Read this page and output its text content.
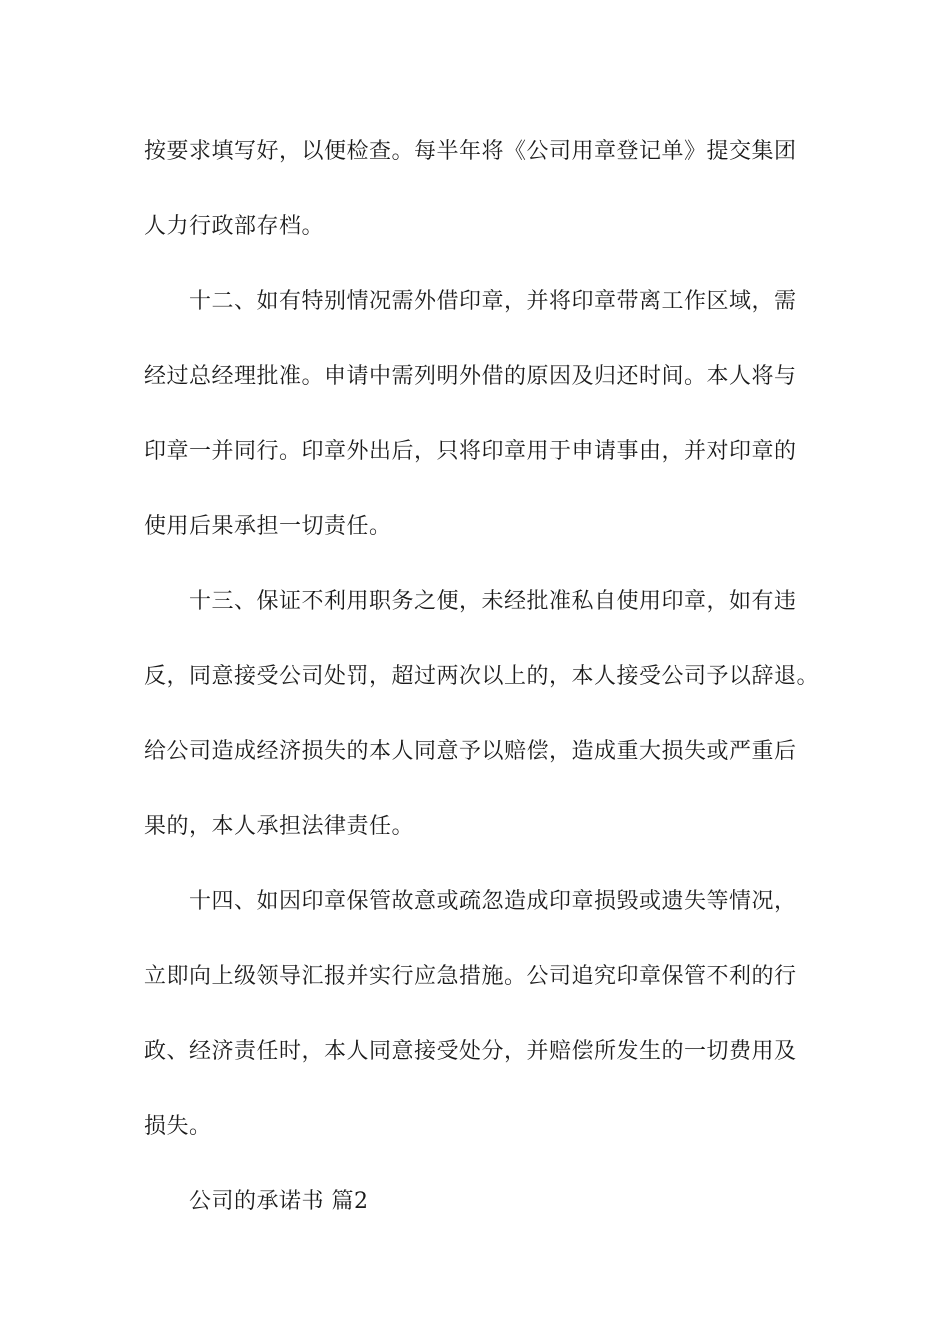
按要求填写好，以便检查。每半年将《公司用章登记单》提交集团
人力行政部存档。
十二、如有特别情况需外借印章，并将印章带离工作区域，需
经过总经理批准。申请中需列明外借的原因及归还时间。本人将与
印章一并同行。印章外出后，只将印章用于申请事由，并对印章的
使用后果承担一切责任。
十三、保证不利用职务之便，未经批准私自使用印章，如有违
反，同意接受公司处罚，超过两次以上的，本人接受公司予以辞退。
给公司造成经济损失的本人同意予以赔偿，造成重大损失或严重后
果的，本人承担法律责任。
十四、如因印章保管故意或疏忽造成印章损毁或遗失等情况，
立即向上级领导汇报并实行应急措施。公司追究印章保管不利的行
政、经济责任时，本人同意接受处分，并赔偿所发生的一切费用及
损失。
公司的承诺书 篇2
